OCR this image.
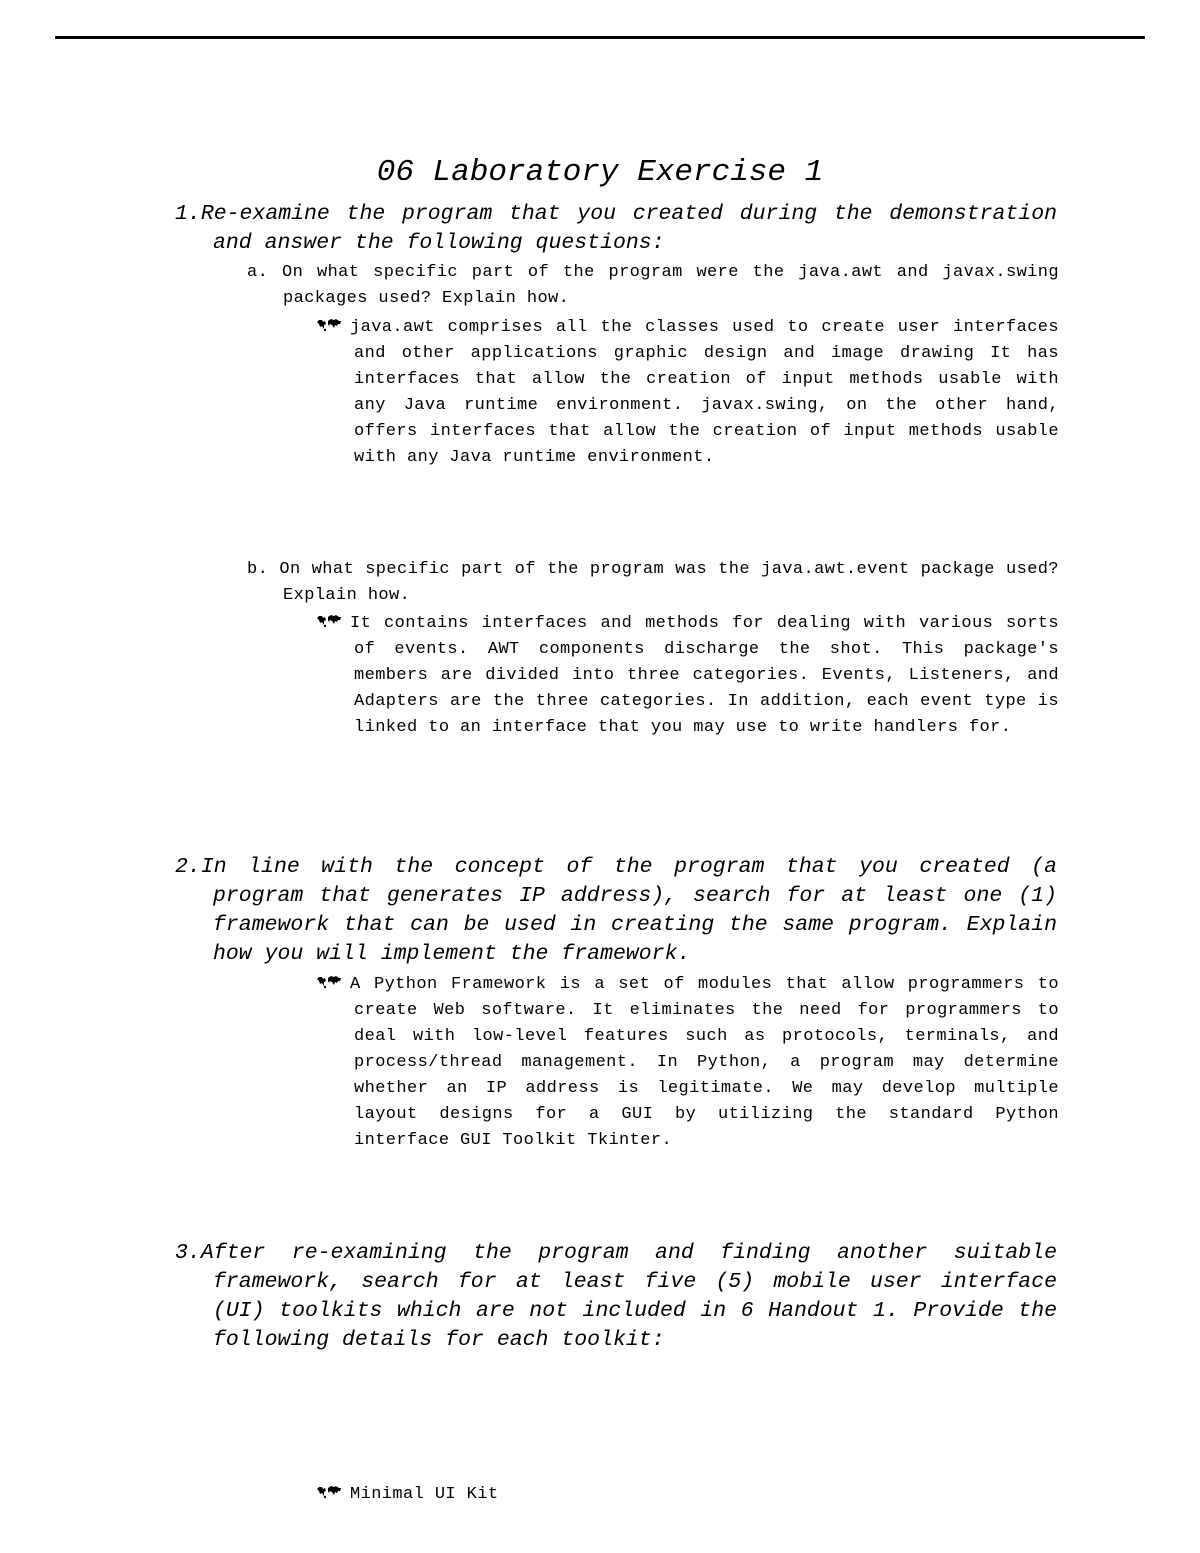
06 Laboratory Exercise 1
1.Re-examine the program that you created during the demonstration and answer the following questions:
a. On what specific part of the program were the java.awt and javax.swing packages used? Explain how.
java.awt comprises all the classes used to create user interfaces and other applications graphic design and image drawing It has interfaces that allow the creation of input methods usable with any Java runtime environment. javax.swing, on the other hand, offers interfaces that allow the creation of input methods usable with any Java runtime environment.
b. On what specific part of the program was the java.awt.event package used? Explain how.
It contains interfaces and methods for dealing with various sorts of events. AWT components discharge the shot. This package's members are divided into three categories. Events, Listeners, and Adapters are the three categories. In addition, each event type is linked to an interface that you may use to write handlers for.
2.In line with the concept of the program that you created (a program that generates IP address), search for at least one (1) framework that can be used in creating the same program. Explain how you will implement the framework.
A Python Framework is a set of modules that allow programmers to create Web software. It eliminates the need for programmers to deal with low-level features such as protocols, terminals, and process/thread management. In Python, a program may determine whether an IP address is legitimate. We may develop multiple layout designs for a GUI by utilizing the standard Python interface GUI Toolkit Tkinter.
3.After re-examining the program and finding another suitable framework, search for at least five (5) mobile user interface (UI) toolkits which are not included in 6 Handout 1. Provide the following details for each toolkit:
Minimal UI Kit
